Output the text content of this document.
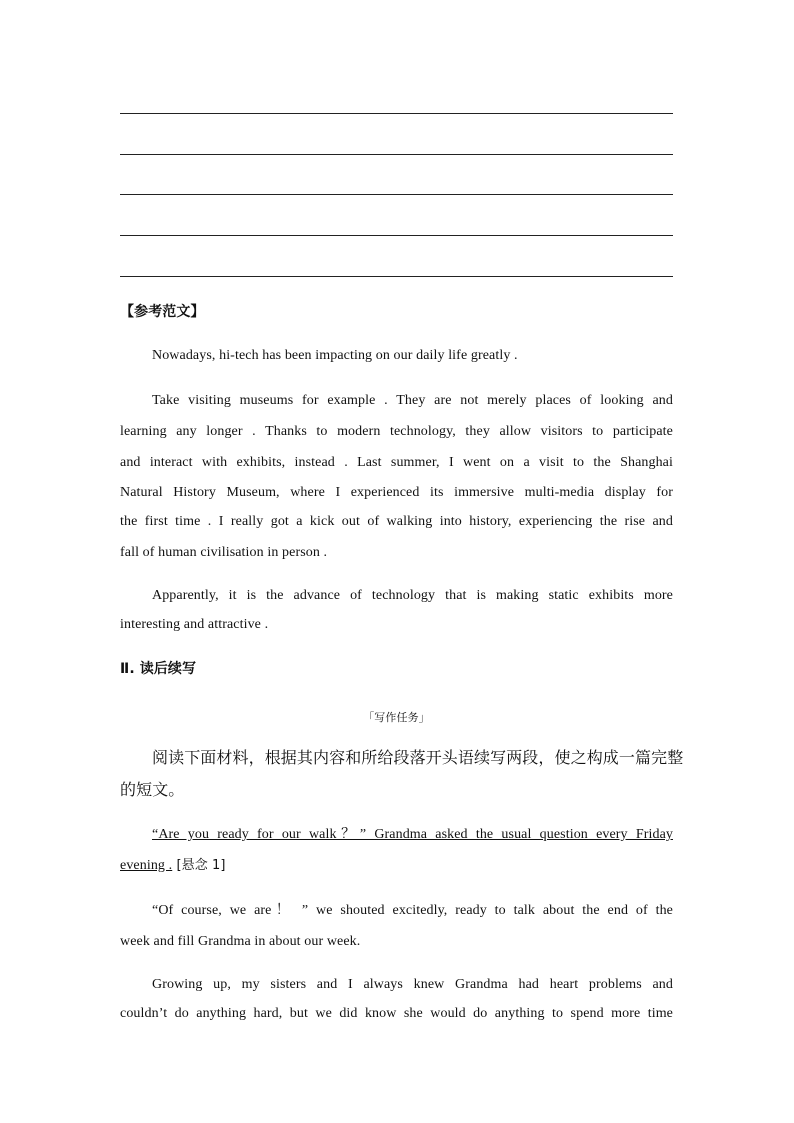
【参考范文】
Nowadays, hi-tech has been impacting on our daily life greatly .
Take visiting museums for example . They are not merely places of looking and
learning any longer . Thanks to modern technology, they allow visitors to participate
and interact with exhibits, instead . Last summer, I went on a visit to the Shanghai
Natural History Museum, where I experienced its immersive multi-media display for
the first time . I really got a kick out of walking into history, experiencing the rise and
fall of human civilisation in person .
Apparently, it is the advance of technology that is making static exhibits more
interesting and attractive .
Ⅱ. 读后续写
「写作任务」
阅读下面材料，根据其内容和所给段落开头语续写两段，使之构成一篇完整
的短文。
“Are you ready for our walk？” Grandma asked the usual question every Friday
evening . [悬念 1]
“Of course, we are！ ” we shouted excitedly, ready to talk about the end of the
week and fill Grandma in about our week.
Growing up, my sisters and I always knew Grandma had heart problems and
couldn’t do anything hard, but we did know she would do anything to spend more time
